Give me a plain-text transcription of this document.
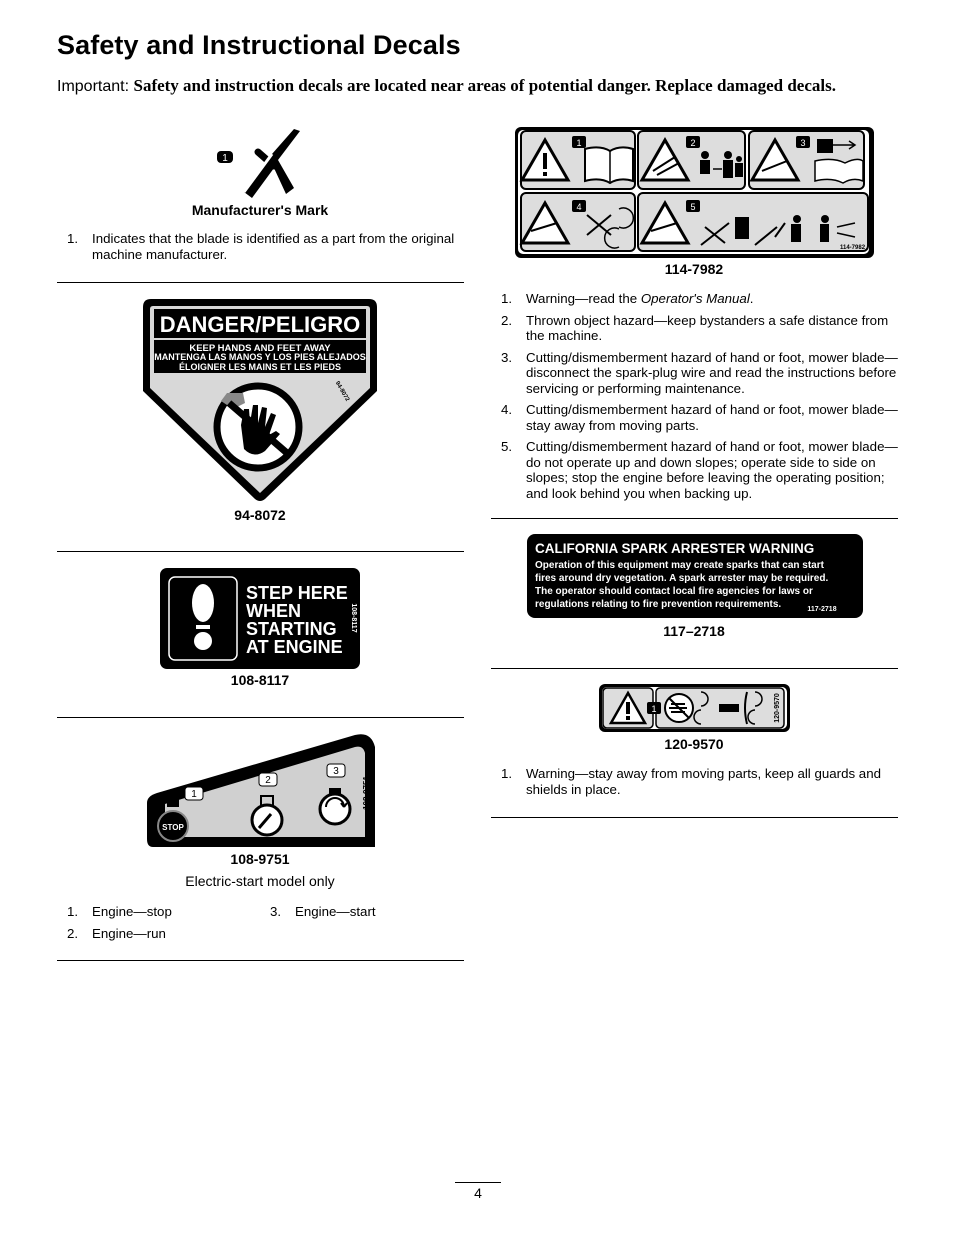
Safety and Instructional Decals
Important: Safety and instruction decals are located near areas of potential danger. Replace damaged decals.
1
Manufacturer's Mark
1. Indicates that the blade is identified as a part from the original machine manufacturer.
DANGER/PELIGRO
KEEP HANDS AND FEET AWAY
MANTENGA LAS MANOS Y LOS PIES ALEJADOS
ÉLOIGNER LES MAINS ET LES PIEDS
94-8072
94-8072
STEP HERE
WHEN
STARTING
AT ENGINE
108-8117
108-8117
1
2
3
STOP
108-9751
108-9751
Electric-start model only
1. Engine—stop
2. Engine—run
3. Engine—start
1	2	3
4	5
114-7982
114-7982
1. Warning—read the Operator's Manual.
2. Thrown object hazard—keep bystanders a safe distance from the machine.
3. Cutting/dismemberment hazard of hand or foot, mower blade—disconnect the spark-plug wire and read the instructions before servicing or performing maintenance.
4. Cutting/dismemberment hazard of hand or foot, mower blade—stay away from moving parts.
5. Cutting/dismemberment hazard of hand or foot, mower blade—do not operate up and down slopes; operate side to side on slopes; stop the engine before leaving the operating position; and look behind you when backing up.
CALIFORNIA SPARK ARRESTER WARNING
Operation of this equipment may create sparks that can start
fires around dry vegetation. A spark arrester may be required.
The operator should contact local fire agencies for laws or
regulations relating to fire prevention requirements.	117-2718
117–2718
1	120-9570
120-9570
1. Warning—stay away from moving parts, keep all guards and shields in place.
4
